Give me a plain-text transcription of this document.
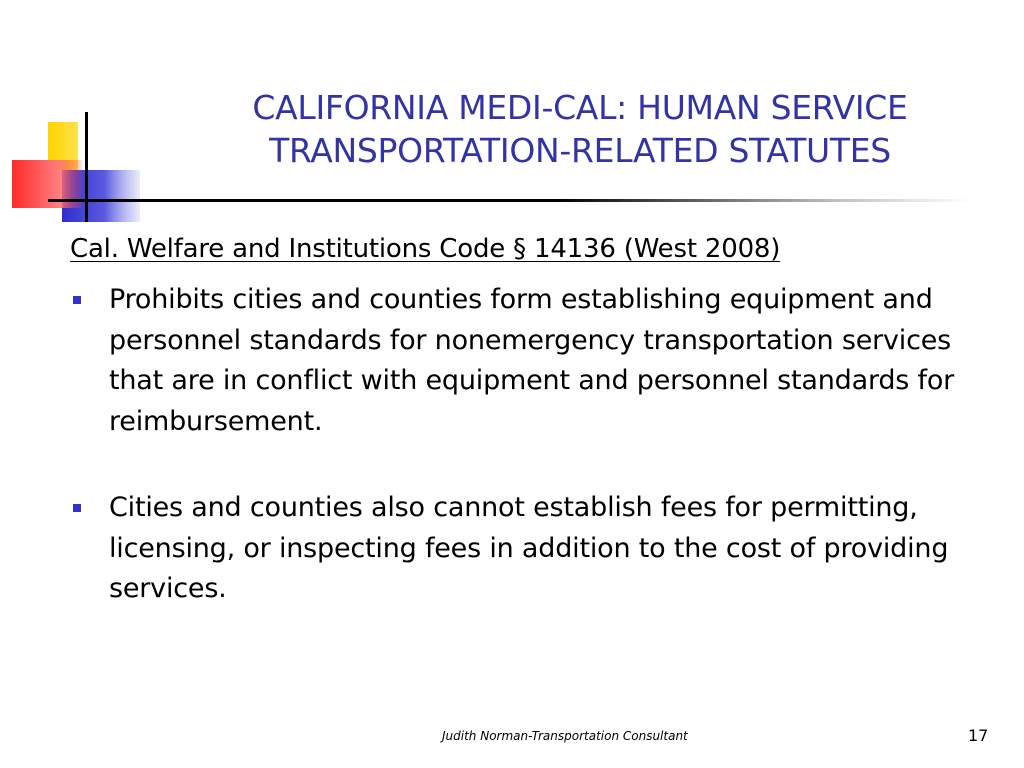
CALIFORNIA MEDI-CAL: HUMAN SERVICE
TRANSPORTATION-RELATED STATUTES
Cal. Welfare and Institutions Code § 14136 (West 2008)
Prohibits cities and counties form establishing equipment and personnel standards for nonemergency transportation services that are in conflict with equipment and personnel standards for reimbursement.
Cities and counties also cannot establish fees for permitting, licensing, or inspecting fees in addition to the cost of providing services.
Judith Norman-Transportation Consultant	17
